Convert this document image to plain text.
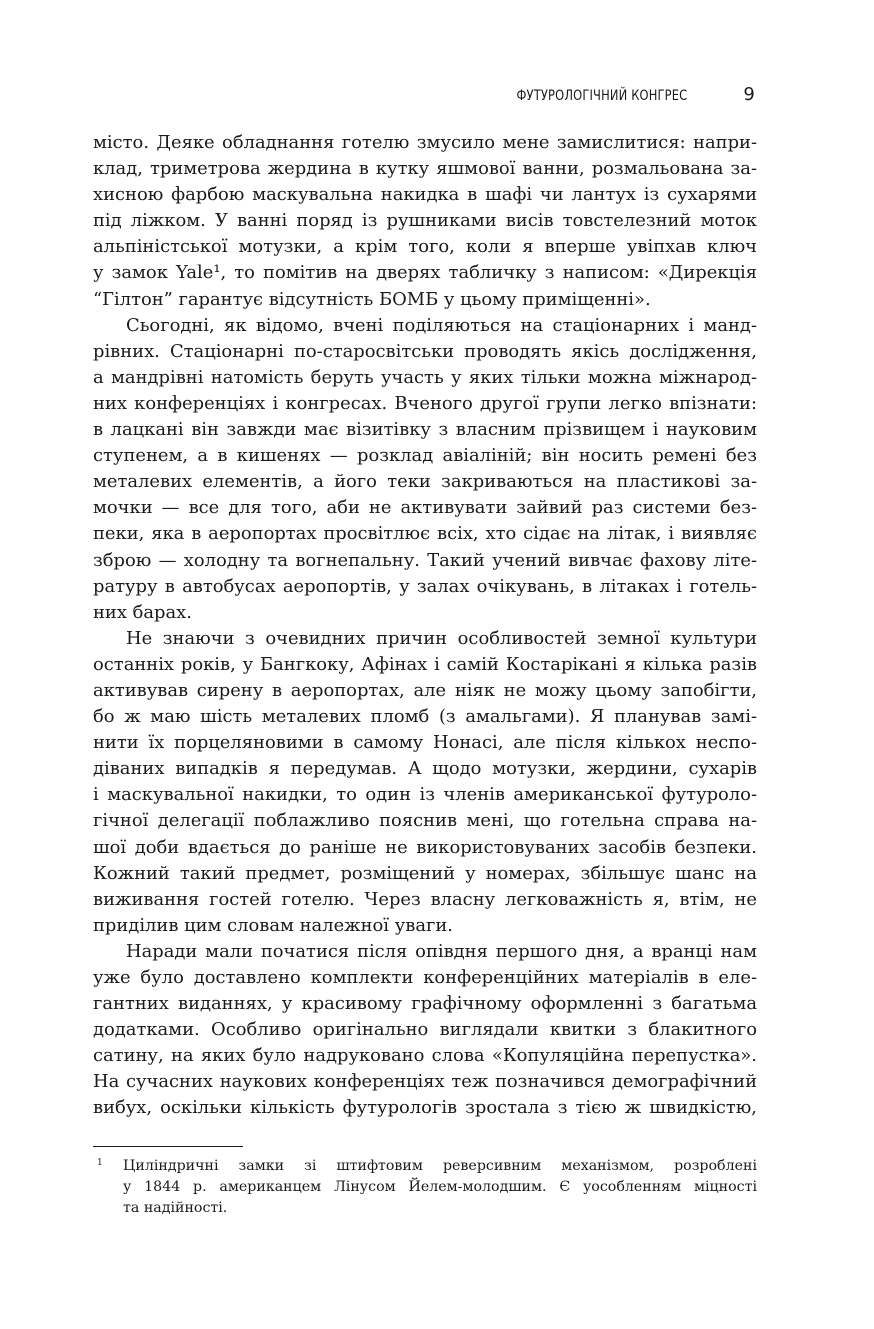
ФУТУРОЛОГІЧНИЙ КОНГРЕС	9

місто. Деяке обладнання готелю змусило мене замислитися: напри-
клад, триметрова жердина в кутку яшмової ванни, розмальована за-
хисною фарбою маскувальна накидка в шафі чи лантух із сухарями
під ліжком. У ванні поряд із рушниками висів товстелезний моток
альпіністської мотузки, а крім того, коли я вперше увіпхав ключ
у замок Yale¹, то помітив на дверях табличку з написом: «Дирекція
“Гілтон” гарантує відсутність БОМБ у цьому приміщенні».

Сьогодні, як відомо, вчені поділяються на стаціонарних і манд-
рівних. Стаціонарні по-старосвітськи проводять якісь дослідження,
а мандрівні натомість беруть участь у яких тільки можна міжнарод-
них конференціях і конгресах. Вченого другої групи легко впізнати:
в лацкані він завжди має візитівку з власним прізвищем і науковим
ступенем, а в кишенях — розклад авіаліній; він носить ремені без
металевих елементів, а його теки закриваються на пластикові за-
мочки — все для того, аби не активувати зайвий раз системи без-
пеки, яка в аеропортах просвітлює всіх, хто сідає на літак, і виявляє
зброю — холодну та вогнепальну. Такий учений вивчає фахову літе-
ратуру в автобусах аеропортів, у залах очікувань, в літаках і готель-
них барах.

Не знаючи з очевидних причин особливостей земної культури
останніх років, у Бангкоку, Афінах і самій Костарікані я кілька разів
активував сирену в аеропортах, але ніяк не можу цьому запобігти,
бо ж маю шість металевих пломб (з амальгами). Я планував замі-
нити їх порцеляновими в самому Нонасі, але після кількох неспо-
діваних випадків я передумав. А щодо мотузки, жердини, сухарів
і маскувальної накидки, то один із членів американської футуроло-
гічної делегації поблажливо пояснив мені, що готельна справа на-
шої доби вдається до раніше не використовуваних засобів безпеки.
Кожний такий предмет, розміщений у номерах, збільшує шанс на
виживання гостей готелю. Через власну легковажність я, втім, не
приділив цим словам належної уваги.

Наради мали початися після опівдня першого дня, а вранці нам
уже було доставлено комплекти конференційних матеріалів в еле-
гантних виданнях, у красивому графічному оформленні з багатьма
додатками. Особливо оригінально виглядали квитки з блакитного
сатину, на яких було надруковано слова «Копуляційна перепустка».
На сучасних наукових конференціях теж позначився демографічний
вибух, оскільки кількість футурологів зростала з тією ж швидкістю,

1 Циліндричні замки зі штифтовим реверсивним механізмом, розроблені
у 1844 р. американцем Лінусом Йелем-молодшим. Є уособленням міцності
та надійності.
